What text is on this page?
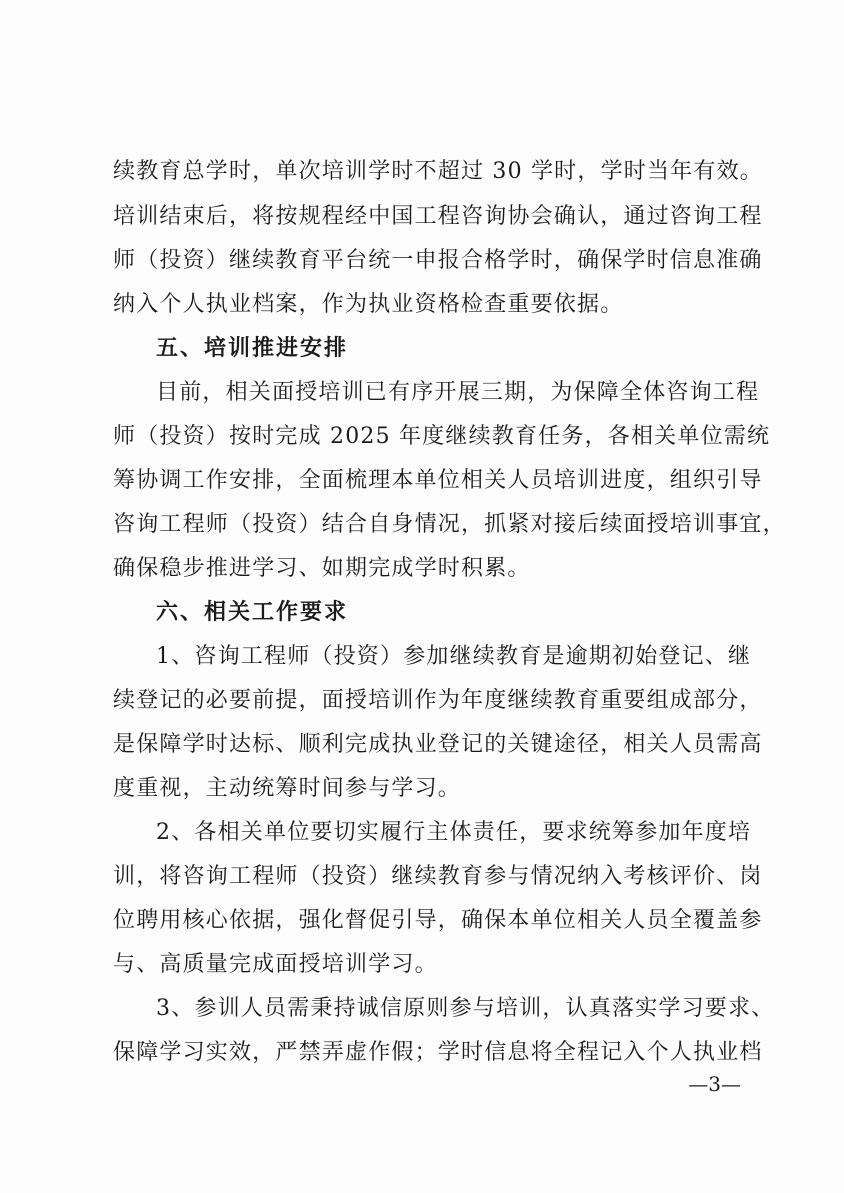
续教育总学时，单次培训学时不超过 30 学时，学时当年有效。
培训结束后，将按规程经中国工程咨询协会确认，通过咨询工程
师（投资）继续教育平台统一申报合格学时，确保学时信息准确
纳入个人执业档案，作为执业资格检查重要依据。
五、培训推进安排
目前，相关面授培训已有序开展三期，为保障全体咨询工程
师（投资）按时完成 2025 年度继续教育任务，各相关单位需统
筹协调工作安排，全面梳理本单位相关人员培训进度，组织引导
咨询工程师（投资）结合自身情况，抓紧对接后续面授培训事宜，
确保稳步推进学习、如期完成学时积累。
六、相关工作要求
1、咨询工程师（投资）参加继续教育是逾期初始登记、继
续登记的必要前提，面授培训作为年度继续教育重要组成部分，
是保障学时达标、顺利完成执业登记的关键途径，相关人员需高
度重视，主动统筹时间参与学习。
2、各相关单位要切实履行主体责任，要求统筹参加年度培
训，将咨询工程师（投资）继续教育参与情况纳入考核评价、岗
位聘用核心依据，强化督促引导，确保本单位相关人员全覆盖参
与、高质量完成面授培训学习。
3、参训人员需秉持诚信原则参与培训，认真落实学习要求、
保障学习实效，严禁弄虚作假；学时信息将全程记入个人执业档
—3—
